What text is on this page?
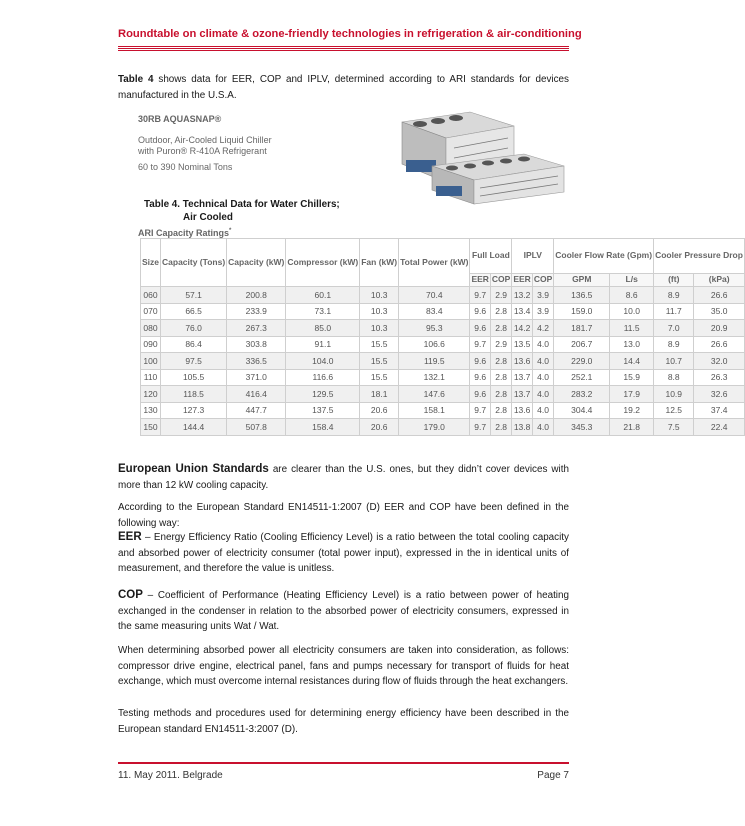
Roundtable on climate & ozone-friendly technologies in refrigeration & air-conditioning

Table 4 shows data for EER, COP and IPLV, determined according to ARI standards for devices manufactured in the U.S.A.

30RB AQUASNAP®
Outdoor, Air-Cooled Liquid Chiller
with Puron® R-410A Refrigerant
60 to 390 Nominal Tons
Table 4. Technical Data for Water Chillers;
Air Cooled
ARI Capacity Ratings*
Size	Capacity (Tons)	Capacity (kW)	Compressor (kW)	Fan (kW)	Total Power (kW)	Full Load		IPLV		Cooler Flow Rate (Gpm)		Cooler Pressure Drop	
						EER	COP	EER	COP	GPM	L/s	(ft)	(kPa)
060	57.1	200.8	60.1	10.3	70.4	9.7	2.9	13.2	3.9	136.5	8.6	8.9	26.6
070	66.5	233.9	73.1	10.3	83.4	9.6	2.8	13.4	3.9	159.0	10.0	11.7	35.0
080	76.0	267.3	85.0	10.3	95.3	9.6	2.8	14.2	4.2	181.7	11.5	7.0	20.9
090	86.4	303.8	91.1	15.5	106.6	9.7	2.9	13.5	4.0	206.7	13.0	8.9	26.6
100	97.5	336.5	104.0	15.5	119.5	9.6	2.8	13.6	4.0	229.0	14.4	10.7	32.0
110	105.5	371.0	116.6	15.5	132.1	9.6	2.8	13.7	4.0	252.1	15.9	8.8	26.3
120	118.5	416.4	129.5	18.1	147.6	9.6	2.8	13.7	4.0	283.2	17.9	10.9	32.6
130	127.3	447.7	137.5	20.6	158.1	9.7	2.8	13.6	4.0	304.4	19.2	12.5	37.4
150	144.4	507.8	158.4	20.6	179.0	9.7	2.8	13.8	4.0	345.3	21.8	7.5	22.4

European Union Standards are clearer than the U.S. ones, but they didn’t cover devices with more than 12 kW cooling capacity.

According to the European Standard EN14511-1:2007 (D) EER and COP have been defined in the following way:

EER – Energy Efficiency Ratio (Cooling Efficiency Level) is a ratio between the total cooling capacity and absorbed power of electricity consumer (total power input), expressed in the in identical units of measurement, and therefore the value is unitless.

COP – Coefficient of Performance (Heating Efficiency Level) is a ratio between power of heating exchanged in the condenser in relation to the absorbed power of electricity consumers, expressed in the same measuring units Wat / Wat.

When determining absorbed power all electricity consumers are taken into consideration, as follows: compressor drive engine, electrical panel, fans and pumps necessary for transport of fluids for heat exchange, which must overcome internal resistances during flow of fluids through the heat exchangers.

Testing methods and procedures used for determining energy efficiency have been described in the European standard EN14511-3:2007 (D).

11. May 2011. Belgrade	Page 7
